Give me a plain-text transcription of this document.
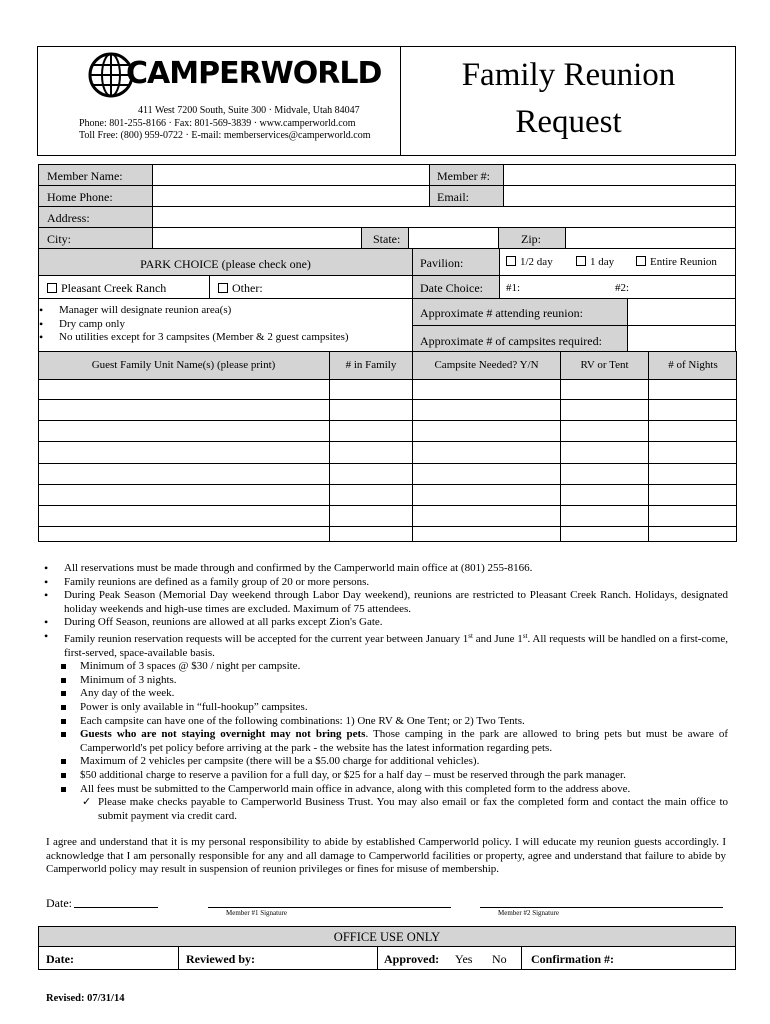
CAMPERWORLD
411 West 7200 South, Suite 300 · Midvale, Utah 84047
Phone: 801-255-8166 · Fax: 801-569-3839 · www.camperworld.com
Toll Free: (800) 959-0722 · E-mail: memberservices@camperworld.com
Family Reunion
Request
Member Name:	Member #:
Home Phone:	Email:
Address:
City:	State:	Zip:
PARK CHOICE (please check one)
Pleasant Creek Ranch	Other:
• Manager will designate reunion area(s)
• Dry camp only
• No utilities except for 3 campsites (Member & 2 guest campsites)
Pavilion:	1/2 day	1 day	Entire Reunion
Date Choice: #1:	#2:
Approximate # attending reunion:
Approximate # of campsites required:
Guest Family Unit Name(s) (please print)	# in Family	Campsite Needed? Y/N	RV or Tent	# of Nights
• All reservations must be made through and confirmed by the Camperworld main office at (801) 255-8166.
• Family reunions are defined as a family group of 20 or more persons.
• During Peak Season (Memorial Day weekend through Labor Day weekend), reunions are restricted to Pleasant Creek Ranch. Holidays, designated holiday weekends and high-use times are excluded. Maximum of 75 attendees.
• During Off Season, reunions are allowed at all parks except Zion's Gate.
• Family reunion reservation requests will be accepted for the current year between January 1st and June 1st. All requests will be handled on a first-come, first-served, space-available basis.
Minimum of 3 spaces @ $30 / night per campsite.
Minimum of 3 nights.
Any day of the week.
Power is only available in “full-hookup” campsites.
Each campsite can have one of the following combinations: 1) One RV & One Tent; or 2) Two Tents.
Guests who are not staying overnight may not bring pets. Those camping in the park are allowed to bring pets but must be aware of Camperworld's pet policy before arriving at the park - the website has the latest information regarding pets.
Maximum of 2 vehicles per campsite (there will be a $5.00 charge for additional vehicles).
$50 additional charge to reserve a pavilion for a full day, or $25 for a half day – must be reserved through the park manager.
All fees must be submitted to the Camperworld main office in advance, along with this completed form to the address above.
✓ Please make checks payable to Camperworld Business Trust. You may also email or fax the completed form and contact the main office to submit payment via credit card.
I agree and understand that it is my personal responsibility to abide by established Camperworld policy. I will educate my reunion guests accordingly. I acknowledge that I am personally responsible for any and all damage to Camperworld facilities or property, agree and understand that failure to abide by Camperworld policy may result in suspension of reunion privileges or fines for misuse of membership.
Date:
Member #1 Signature	Member #2 Signature
OFFICE USE ONLY
Date:	Reviewed by:	Approved: Yes No Confirmation #:
Revised: 07/31/14
